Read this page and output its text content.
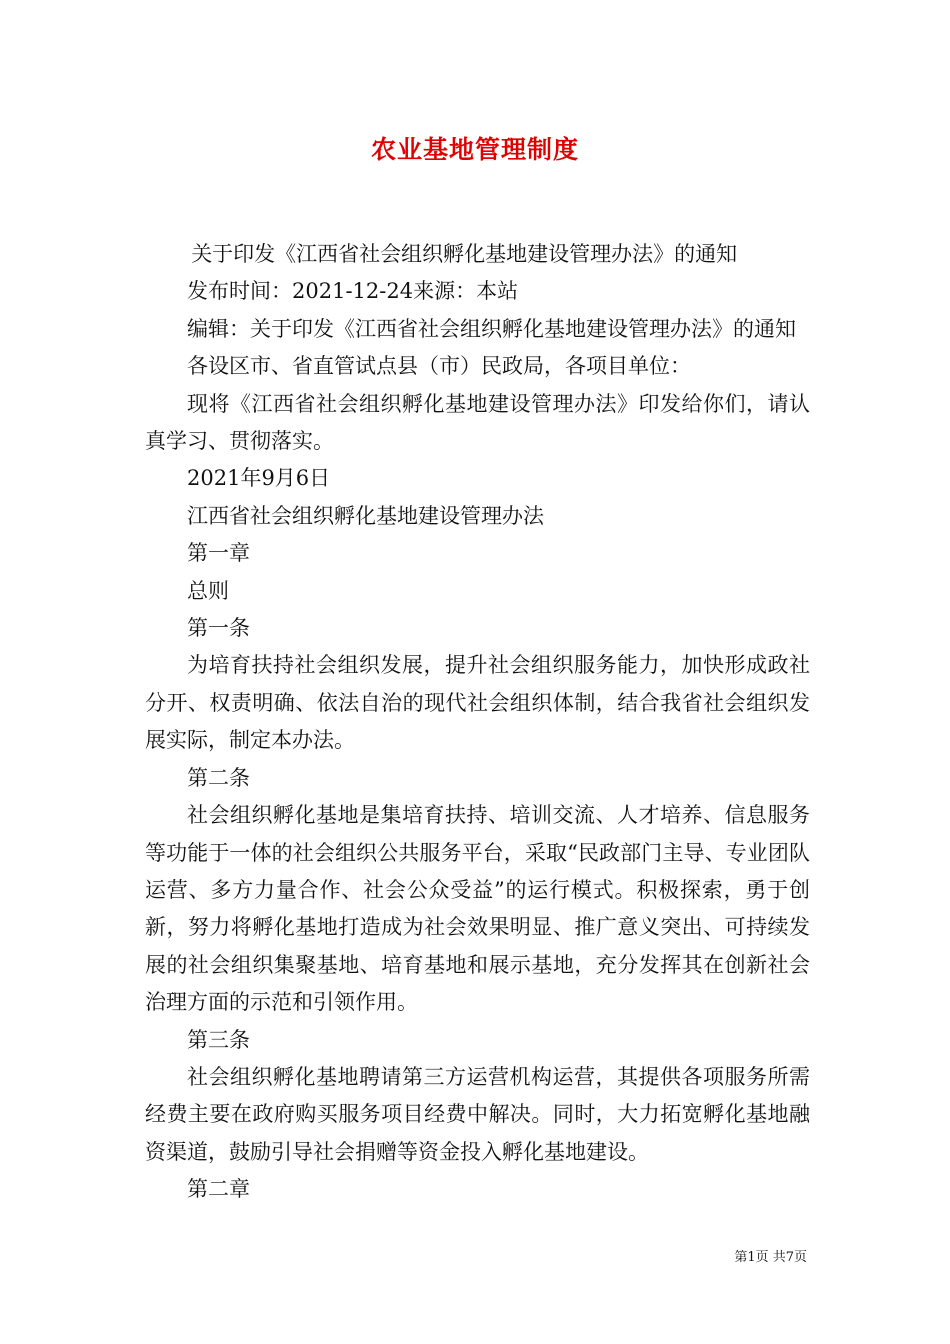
农业基地管理制度

关于印发《江西省社会组织孵化基地建设管理办法》的通知

发布时间：2021-12-24来源：本站

编辑：关于印发《江西省社会组织孵化基地建设管理办法》的通知

各设区市、省直管试点县（市）民政局，各项目单位：

现将《江西省社会组织孵化基地建设管理办法》印发给你们，请认真学习、贯彻落实。

2021年9月6日

江西省社会组织孵化基地建设管理办法

第一章

总则

第一条

为培育扶持社会组织发展，提升社会组织服务能力，加快形成政社分开、权责明确、依法自治的现代社会组织体制，结合我省社会组织发展实际，制定本办法。

第二条

社会组织孵化基地是集培育扶持、培训交流、人才培养、信息服务等功能于一体的社会组织公共服务平台，采取“民政部门主导、专业团队运营、多方力量合作、社会公众受益”的运行模式。积极探索，勇于创新，努力将孵化基地打造成为社会效果明显、推广意义突出、可持续发展的社会组织集聚基地、培育基地和展示基地，充分发挥其在创新社会治理方面的示范和引领作用。

第三条

社会组织孵化基地聘请第三方运营机构运营，其提供各项服务所需经费主要在政府购买服务项目经费中解决。同时，大力拓宽孵化基地融资渠道，鼓励引导社会捐赠等资金投入孵化基地建设。

第二章

第1页 共7页
